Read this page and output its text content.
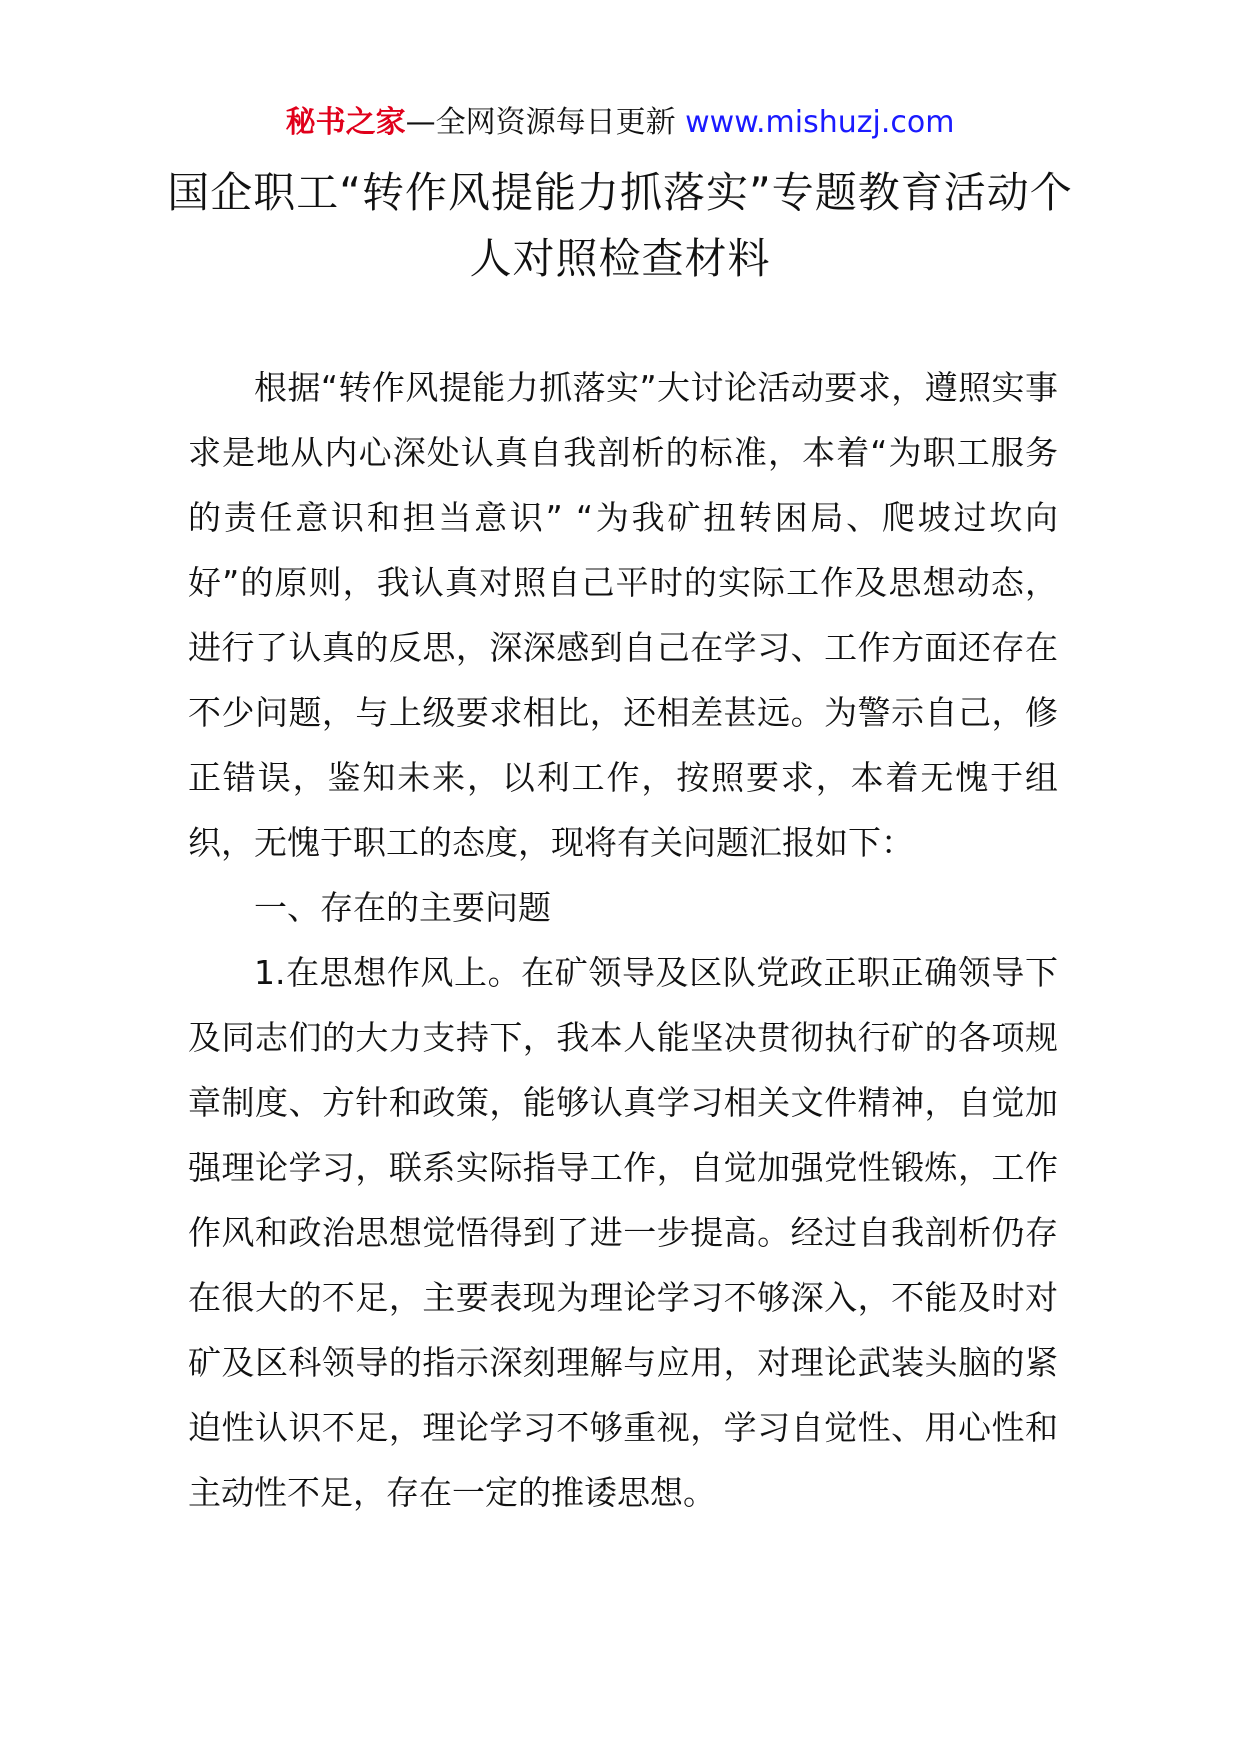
秘书之家—全网资源每日更新 www.mishuzj.com
国企职工“转作风提能力抓落实”专题教育活动个人对照检查材料

根据“转作风提能力抓落实”大讨论活动要求，遵照实事求是地从内心深处认真自我剖析的标准，本着“为职工服务的责任意识和担当意识” “为我矿扭转困局、爬坡过坎向好”的原则，我认真对照自己平时的实际工作及思想动态，进行了认真的反思，深深感到自己在学习、工作方面还存在不少问题，与上级要求相比，还相差甚远。为警示自己，修正错误，鉴知未来，以利工作，按照要求，本着无愧于组织，无愧于职工的态度，现将有关问题汇报如下：

一、存在的主要问题

1.在思想作风上。在矿领导及区队党政正职正确领导下及同志们的大力支持下，我本人能坚决贯彻执行矿的各项规章制度、方针和政策，能够认真学习相关文件精神，自觉加强理论学习，联系实际指导工作，自觉加强党性锻炼，工作作风和政治思想觉悟得到了进一步提高。经过自我剖析仍存在很大的不足，主要表现为理论学习不够深入，不能及时对矿及区科领导的指示深刻理解与应用，对理论武装头脑的紧迫性认识不足，理论学习不够重视，学习自觉性、用心性和主动性不足，存在一定的推诿思想。
